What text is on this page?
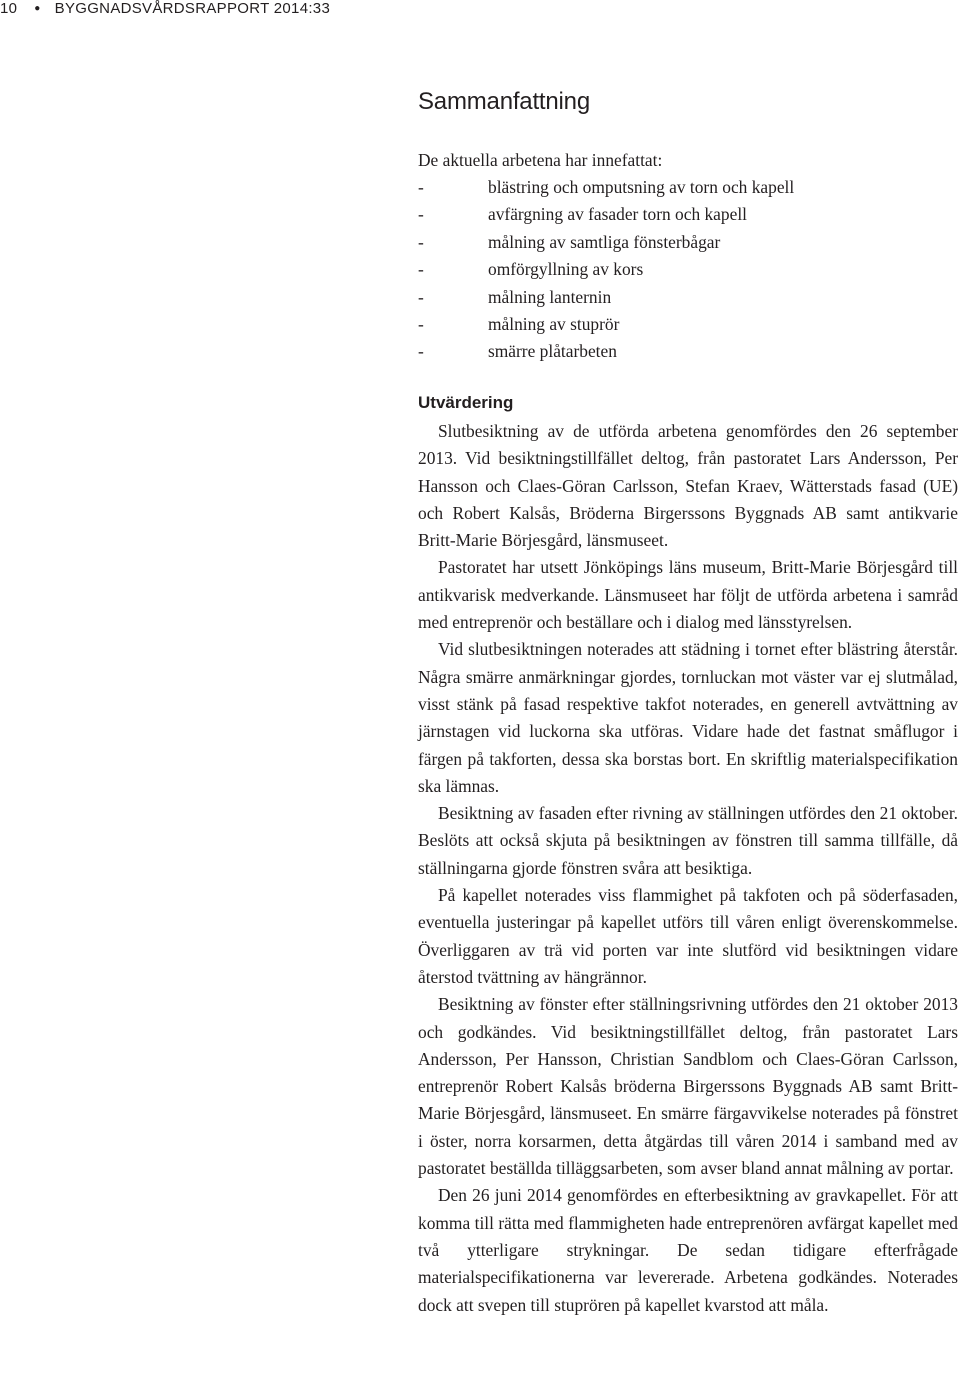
10 ● BYGGNADSVÅRDSRAPPORT 2014:33
Sammanfattning

De aktuella arbetena har innefattat:

-	blästring och omputsning av torn och kapell
-	avfärgning av fasader torn och kapell
-	målning av samtliga fönsterbågar
-	omförgyllning av kors
-	målning lanternin
-	målning av stuprör
-	smärre plåtarbeten
Utvärdering

Slutbesiktning av de utförda arbetena genomfördes den 26 september 2013. Vid besiktningstillfället deltog, från pastoratet Lars Andersson, Per Hansson och Claes-Göran Carlsson, Stefan Kraev, Wätterstads fasad (UE) och Robert Kalsås, Bröderna Birgerssons Byggnads AB samt antikvarie Britt-Marie Börjesgård, länsmuseet.

Pastoratet har utsett Jönköpings läns museum, Britt-Marie Börjesgård till antikvarisk medverkande. Länsmuseet har följt de utförda arbetena i samråd med entreprenör och beställare och i dialog med länsstyrelsen.

Vid slutbesiktningen noterades att städning i tornet efter blästring återstår. Några smärre anmärkningar gjordes, tornluckan mot väster var ej slutmålad, visst stänk på fasad respektive takfot noterades, en generell avtvättning av järnstagen vid luckorna ska utföras. Vidare hade det fastnat småflugor i färgen på takforten, dessa ska borstas bort. En skriftlig materialspecifikation ska lämnas.

Besiktning av fasaden efter rivning av ställningen utfördes den 21 oktober. Beslöts att också skjuta på besiktningen av fönstren till samma tillfälle, då ställningarna gjorde fönstren svåra att besiktiga.

På kapellet noterades viss flammighet på takfoten och på söderfasaden, eventuella justeringar på kapellet utförs till våren enligt överenskommelse. Överliggaren av trä vid porten var inte slutförd vid besiktningen vidare återstod tvättning av hängrännor.

Besiktning av fönster efter ställningsrivning utfördes den 21 oktober 2013 och godkändes. Vid besiktningstillfället deltog, från pastoratet Lars Andersson, Per Hansson, Christian Sandblom och Claes-Göran Carlsson, entreprenör Robert Kalsås bröderna Birgerssons Byggnads AB samt Britt-Marie Börjesgård, länsmuseet. En smärre färgavvikelse noterades på fönstret i öster, norra korsarmen, detta åtgärdas till våren 2014 i samband med av pastoratet beställda tilläggsarbeten, som avser bland annat målning av portar.

Den 26 juni 2014 genomfördes en efterbesiktning av gravkapellet. För att komma till rätta med flammigheten hade entreprenören avfärgat kapellet med två ytterligare strykningar. De sedan tidigare efterfrågade materialspecifikationerna var levererade. Arbetena godkändes. Noterades dock att svepen till stuprören på kapellet kvarstod att måla.
